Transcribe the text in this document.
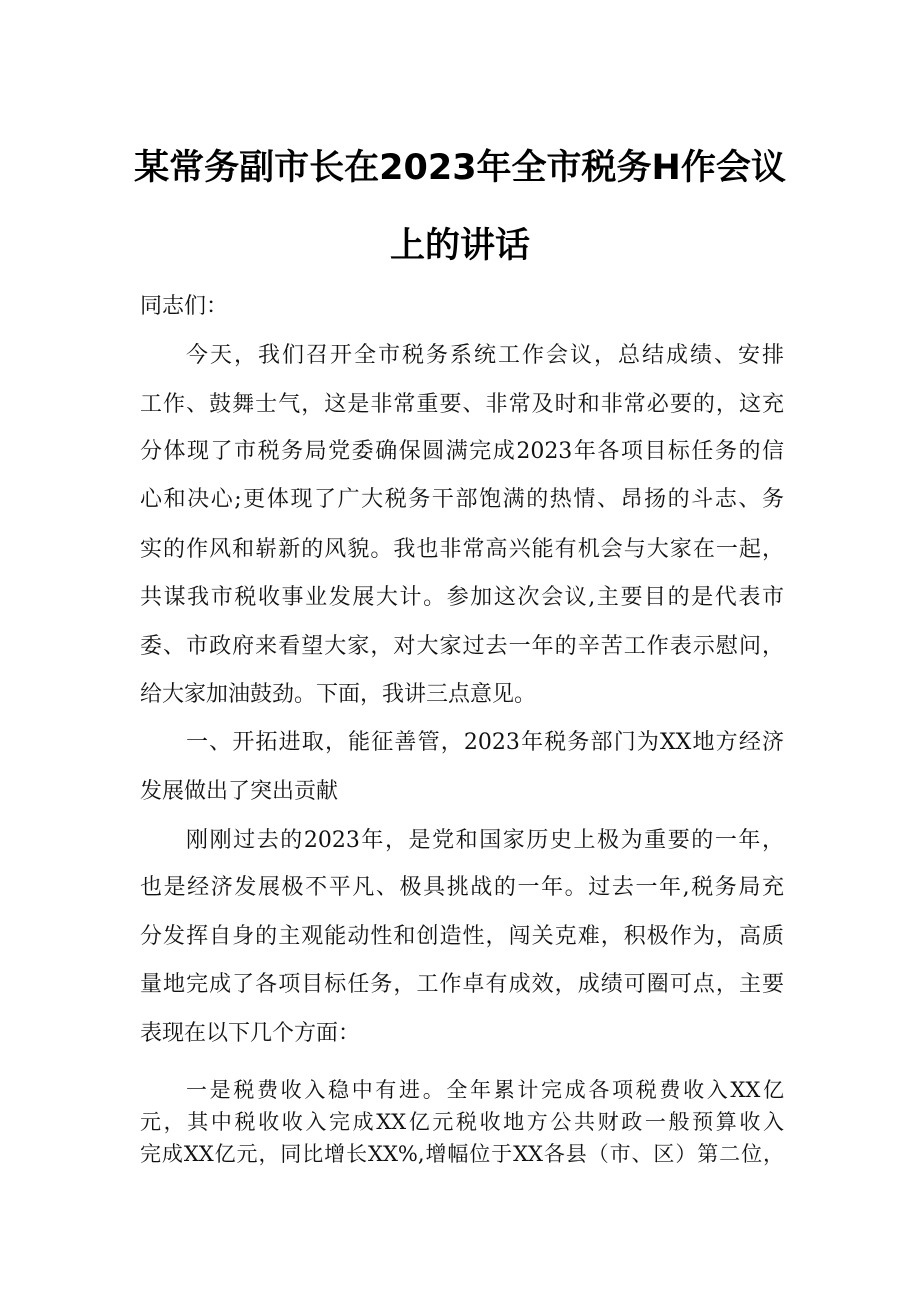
某常务副市长在2023年全市税务H作会议
上的讲话
同志们：
今天，我们召开全市税务系统工作会议，总结成绩、安排
工作、鼓舞士气，这是非常重要、非常及时和非常必要的，这充
分体现了市税务局党委确保圆满完成2023年各项目标任务的信
心和决心;更体现了广大税务干部饱满的热情、昂扬的斗志、务
实的作风和崭新的风貌。我也非常高兴能有机会与大家在一起，
共谋我市税收事业发展大计。参加这次会议,主要目的是代表市
委、市政府来看望大家，对大家过去一年的辛苦工作表示慰问，
给大家加油鼓劲。下面，我讲三点意见。
一、开拓进取，能征善管，2023年税务部门为XX地方经济
发展做出了突出贡献
刚刚过去的2023年，是党和国家历史上极为重要的一年，
也是经济发展极不平凡、极具挑战的一年。过去一年,税务局充
分发挥自身的主观能动性和创造性，闯关克难，积极作为，高质
量地完成了各项目标任务，工作卓有成效，成绩可圈可点，主要
表现在以下几个方面：
一是税费收入稳中有进。全年累计完成各项税费收入XX亿
元，其中税收收入完成XX亿元税收地方公共财政一般预算收入
完成XX亿元，同比增长XX%,增幅位于XX各县（市、区）第二位，
